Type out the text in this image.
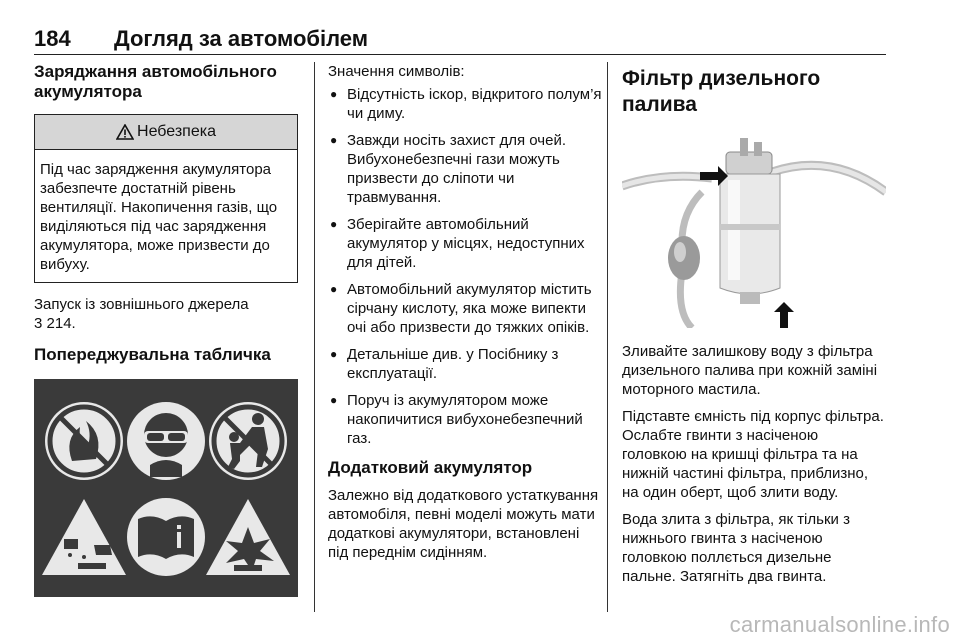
184 Догляд за автомобілем
Заряджання автомобільного акумулятора
Небезпека
Під час зарядження акумулятора забезпечте достатній рівень вентиляції. Накопичення газів, що виділяються під час зарядження акумулятора, може призвести до вибуху.

Запуск із зовнішнього джерела

3 214.

Попереджувальна табличка

Значення символів:

● Відсутність іскор, відкритого полум’я чи диму.
● Завжди носіть захист для очей. Вибухонебезпечні гази можуть призвести до сліпоти чи травмування.
● Зберігайте автомобільний акумулятор у місцях, недоступних для дітей.
● Автомобільний акумулятор містить сірчану кислоту, яка може випекти очі або призвести до тяжких опіків.
● Детальніше див. у Посібнику з експлуатації.
● Поруч із акумулятором може накопичитися вибухонебезпечний газ.
Додатковий акумулятор

Залежно від додаткового устаткування автомобіля, певні моделі можуть мати додаткові акумулятори, встановлені під переднім сидінням.

Фільтр дизельного палива

Зливайте залишкову воду з фільтра дизельного палива при кожній заміні моторного мастила.

Підставте ємність під корпус фільтра. Ослабте гвинти з насіченою головкою на кришці фільтра та на нижній частині фільтра, приблизно, на один оберт, щоб злити воду.

Вода злита з фільтра, як тільки з нижнього гвинта з насіченою головкою поллється дизельне пальне. Затягніть два гвинта.

carmanualsonline.info
